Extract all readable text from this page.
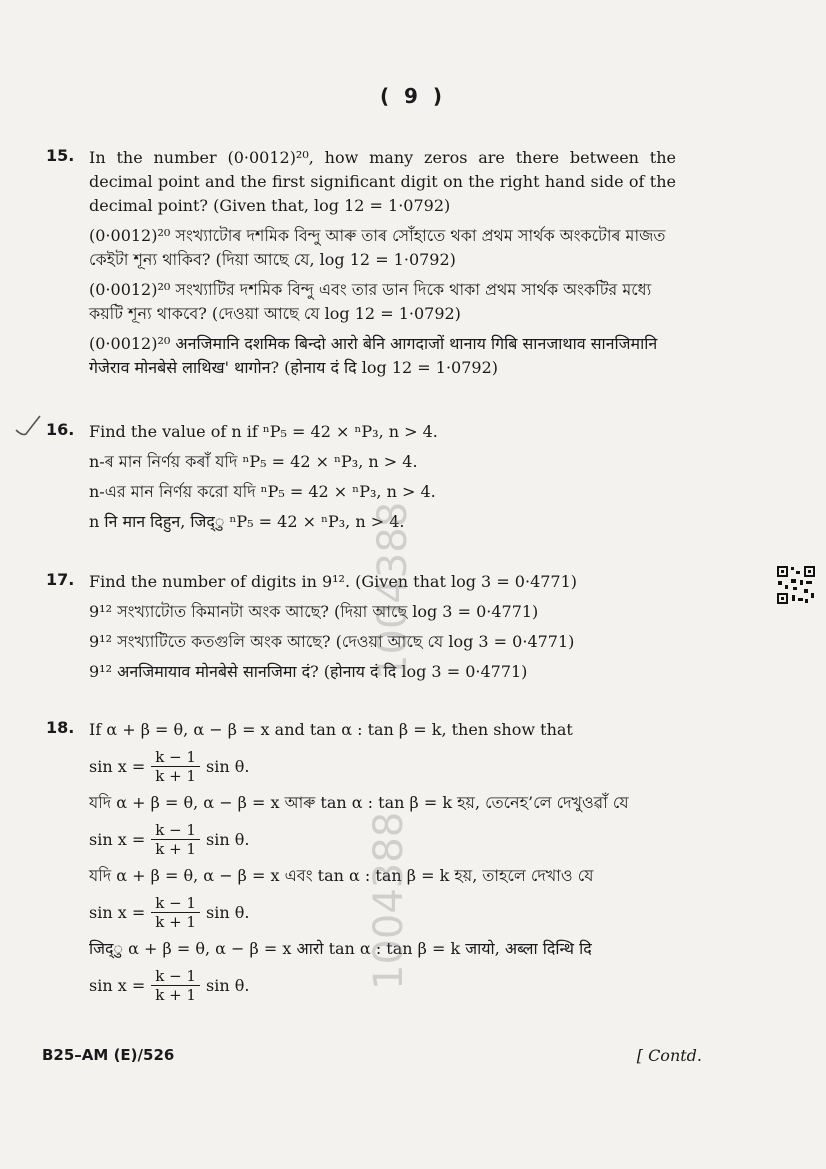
( 9 )
15. In the number (0·0012)²⁰, how many zeros are there between the decimal point and the first significant digit on the right hand side of the decimal point? (Given that, log 12 = 1·0792)

(0·0012)²⁰ সংখ্যাটোৰ দশমিক বিন্দু আৰু তাৰ সোঁহাতে থকা প্ৰথম সাৰ্থক অংকটোৰ মাজত কেইটা শূন্য থাকিব? (দিয়া আছে যে, log 12 = 1·0792)

(0·0012)²⁰ সংখ্যাটির দশমিক বিন্দু এবং তার ডান দিকে থাকা প্রথম সার্থক অংকটির মধ্যে কয়টি শূন্য থাকবে? (দেওয়া আছে যে log 12 = 1·0792)

(0·0012)²⁰ अनजिमानि दशमिक बिन्दो आरो बेनि आगदाजों थानाय गिबि सानजाथाव सानजिमानि गेजेराव मोनबेसे लाथिख' थागोन? (होनाय दं दि log 12 = 1·0792)

16. Find the value of n if ⁿP₅ = 42 × ⁿP₃, n > 4.

n-ৰ মান নিৰ্ণয় কৰাঁ যদি ⁿP₅ = 42 × ⁿP₃, n > 4.

n-এর মান নির্ণয় করো যদি ⁿP₅ = 42 × ⁿP₃, n > 4.

n नि मान दिहुन, जिद्ु ⁿP₅ = 42 × ⁿP₃, n > 4.

17. Find the number of digits in 9¹². (Given that log 3 = 0·4771)

9¹² সংখ্যাটোত কিমানটা অংক আছে? (দিয়া আছে log 3 = 0·4771)

9¹² সংখ্যাটিতে কতগুলি অংক আছে? (দেওয়া আছে যে log 3 = 0·4771)

9¹² अनजिमायाव मोनबेसे सानजिमा दं? (होनाय दं दि log 3 = 0·4771)

18. If α + β = θ, α − β = x and tan α : tan β = k, then show that

$\sin x = \frac{k - 1}{k + 1}$ sin θ.

যদি α + β = θ, α − β = x আৰু tan α : tan β = k হয়, তেনেহ’লে দেখুওৱাঁ যে

$\sin x = \frac{k - 1}{k + 1}$ sin θ.

যদি α + β = θ, α − β = x এবং tan α : tan β = k হয়, তাহলে দেখাও যে

$\sin x = \frac{k - 1}{k + 1}$ sin θ.

जिद्ु α + β = θ, α − β = x आरो tan α : tan β = k जायो, अब्ला दिन्थि दि

$\sin x = \frac{k - 1}{k + 1}$ sin θ.
1004388
1004388
B25–AM (E)/526	[ Contd.
